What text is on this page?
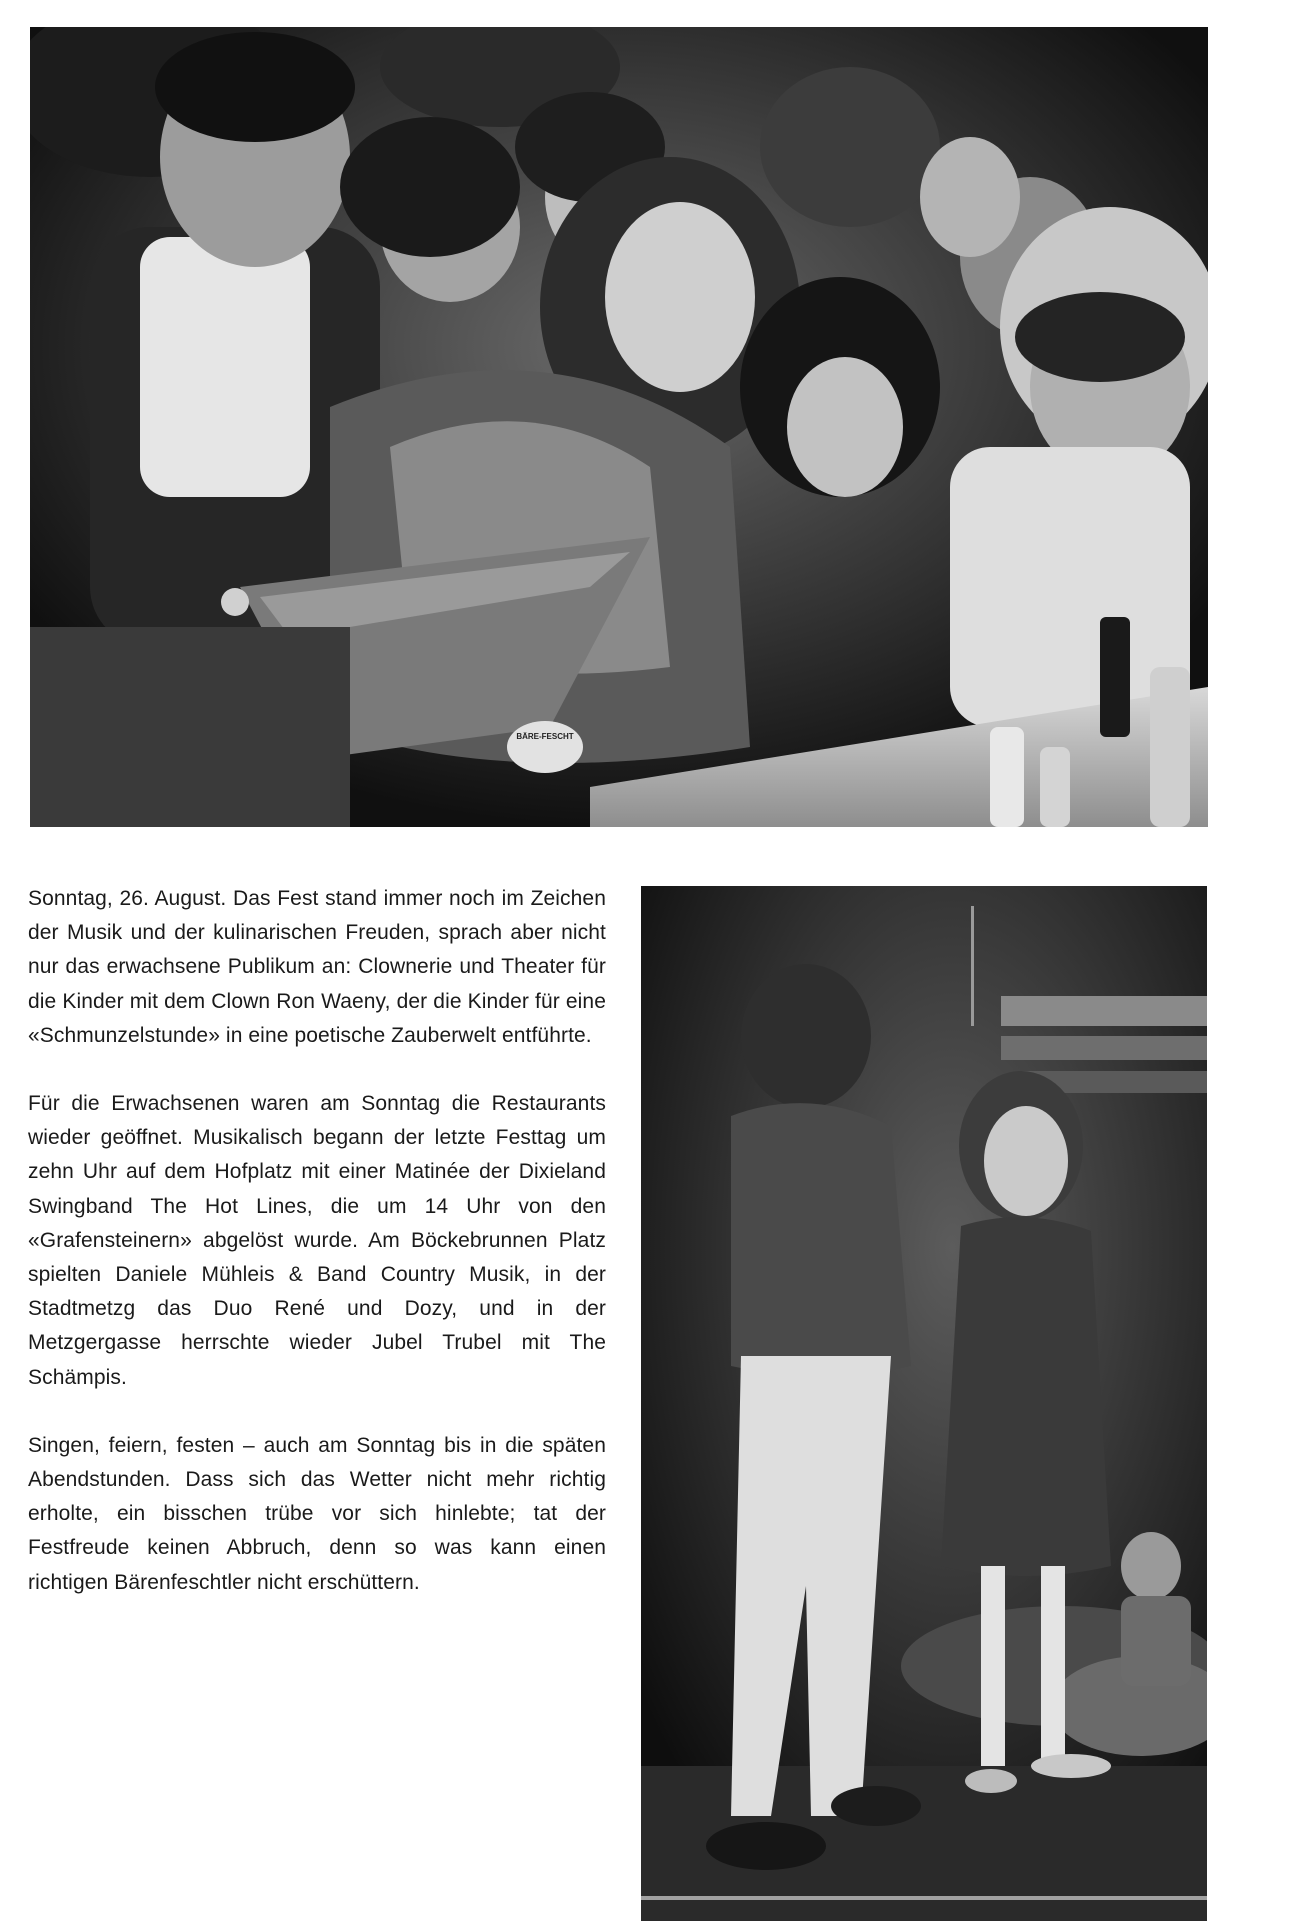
BÄRE-FESCHT

Sonntag, 26. August. Das Fest stand immer noch im Zeichen der Musik und der kulinarischen Freuden, sprach aber nicht nur das erwachsene Publikum an: Clownerie und Theater für die Kinder mit dem Clown Ron Waeny, der die Kinder für eine «Schmunzelstunde» in eine poetische Zauberwelt entführte.

Für die Erwachsenen waren am Sonntag die Restaurants wieder geöffnet. Musikalisch begann der letzte Festtag um zehn Uhr auf dem Hofplatz mit einer Matinée der Dixieland Swingband The Hot Lines, die um 14 Uhr von den «Grafensteinern» abgelöst wurde. Am Böckebrunnen Platz spielten Daniele Mühleis & Band Country Musik, in der Stadtmetzg das Duo René und Dozy, und in der Metzgergasse herrschte wieder Jubel Trubel mit The Schämpis.

Singen, feiern, festen – auch am Sonntag bis in die späten Abendstunden. Dass sich das Wetter nicht mehr richtig erholte, ein bisschen trübe vor sich hinlebte; tat der Festfreude keinen Abbruch, denn so was kann einen richtigen Bärenfeschtler nicht erschüttern.
